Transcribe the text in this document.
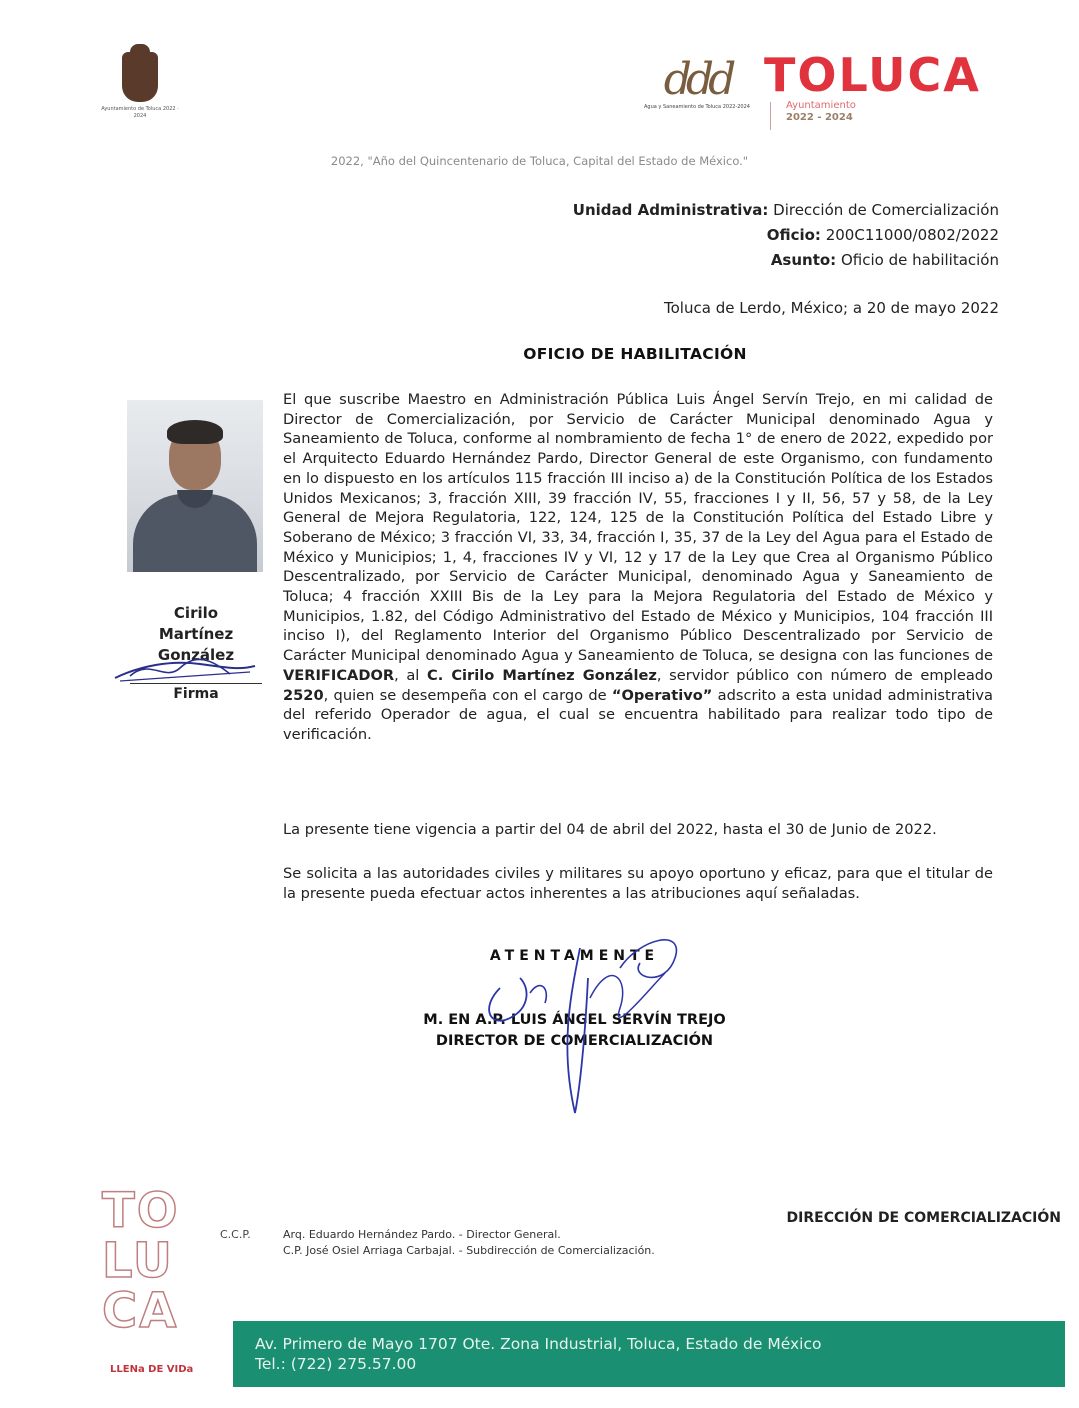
Ayuntamiento de Toluca 2022 · 2024
ddd
Agua y Saneamiento de Toluca 2022-2024
TOLUCA
Ayuntamiento
2022 - 2024
2022, "Año del Quincentenario de Toluca, Capital del Estado de México."
Unidad Administrativa: Dirección de Comercialización
Oficio: 200C11000/0802/2022
Asunto: Oficio de habilitación
Toluca de Lerdo, México; a 20 de mayo 2022
OFICIO DE HABILITACIÓN
Cirilo
Martínez
González
Firma
El que suscribe Maestro en Administración Pública Luis Ángel Servín Trejo, en mi calidad de Director de Comercialización, por Servicio de Carácter Municipal denominado Agua y Saneamiento de Toluca, conforme al nombramiento de fecha 1° de enero de 2022, expedido por el Arquitecto Eduardo Hernández Pardo, Director General de este Organismo, con fundamento en lo dispuesto en los artículos 115 fracción III inciso a) de la Constitución Política de los Estados Unidos Mexicanos; 3, fracción XIII, 39 fracción IV, 55, fracciones I y II, 56, 57 y 58, de la Ley General de Mejora Regulatoria, 122, 124, 125 de la Constitución Política del Estado Libre y Soberano de México; 3 fracción VI, 33, 34, fracción I, 35, 37 de la Ley del Agua para el Estado de México y Municipios; 1, 4, fracciones IV y VI, 12 y 17 de la Ley que Crea al Organismo Público Descentralizado, por Servicio de Carácter Municipal, denominado Agua y Saneamiento de Toluca; 4 fracción XXIII Bis de la Ley para la Mejora Regulatoria del Estado de México y Municipios, 1.82, del Código Administrativo del Estado de México y Municipios, 104 fracción III inciso I), del Reglamento Interior del Organismo Público Descentralizado por Servicio de Carácter Municipal denominado Agua y Saneamiento de Toluca, se designa con las funciones de VERIFICADOR, al C. Cirilo Martínez González, servidor público con número de empleado 2520, quien se desempeña con el cargo de “Operativo” adscrito a esta unidad administrativa del referido Operador de agua, el cual se encuentra habilitado para realizar todo tipo de verificación.
La presente tiene vigencia a partir del 04 de abril del 2022, hasta el 30 de Junio de 2022.
Se solicita a las autoridades civiles y militares su apoyo oportuno y eficaz, para que el titular de la presente pueda efectuar actos inherentes a las atribuciones aquí señaladas.
ATENTAMENTE
M. EN A.P. LUIS ÁNGEL SERVÍN TREJO
DIRECTOR DE COMERCIALIZACIÓN
TO
LU
CA
LLENa DE VIDa
C.C.P.	Arq. Eduardo Hernández Pardo. - Director General.
C.P. José Osiel Arriaga Carbajal. - Subdirección de Comercialización.
DIRECCIÓN DE COMERCIALIZACIÓN
Av. Primero de Mayo 1707 Ote. Zona Industrial, Toluca, Estado de México
Tel.: (722) 275.57.00
